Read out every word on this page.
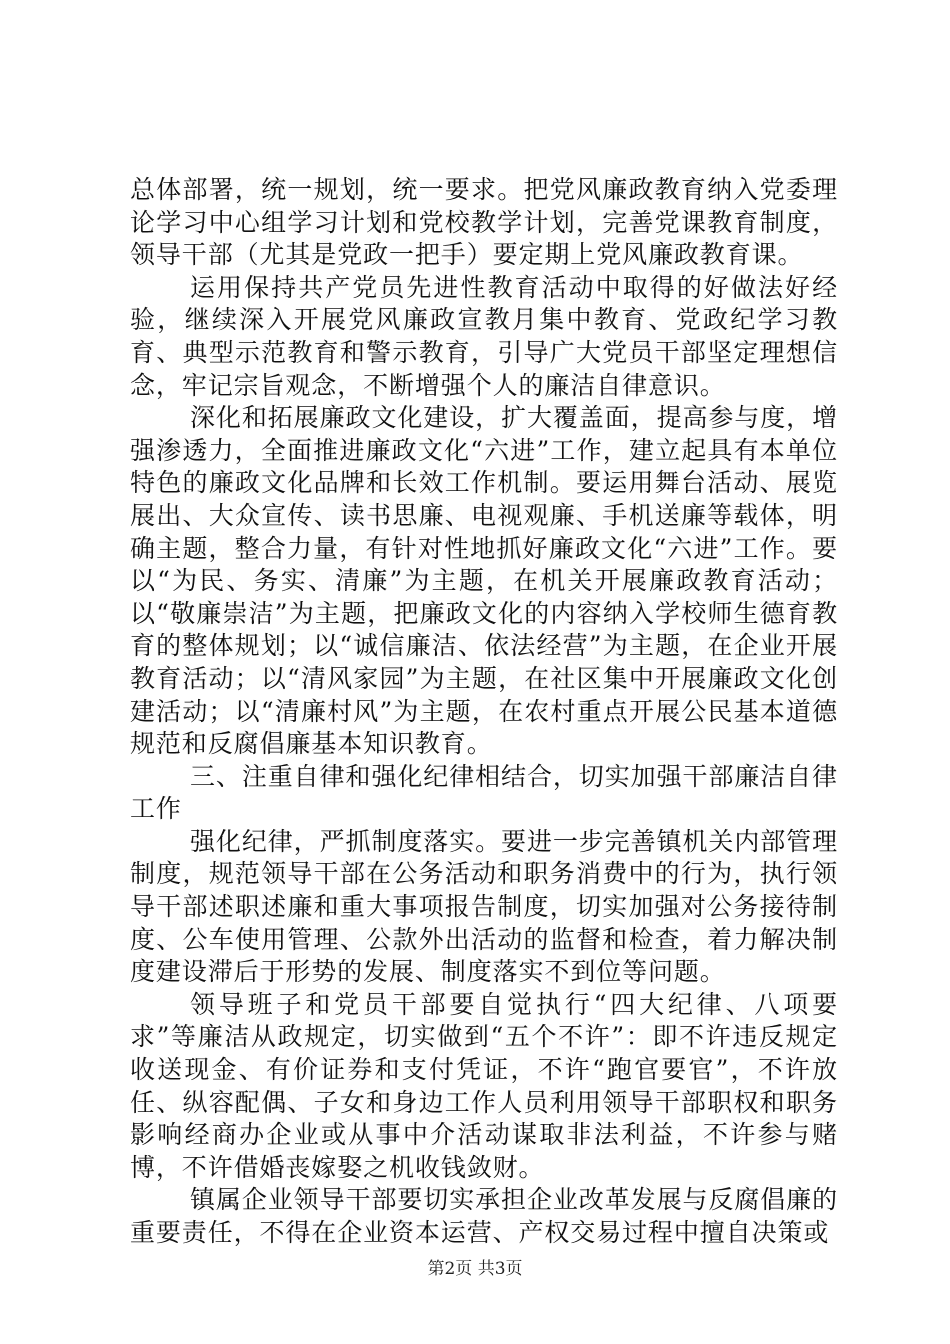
总体部署，统一规划，统一要求。把党风廉政教育纳入党委理论学习中心组学习计划和党校教学计划，完善党课教育制度，领导干部（尤其是党政一把手）要定期上党风廉政教育课。

运用保持共产党员先进性教育活动中取得的好做法好经验，继续深入开展党风廉政宣教月集中教育、党政纪学习教育、典型示范教育和警示教育，引导广大党员干部坚定理想信念，牢记宗旨观念，不断增强个人的廉洁自律意识。

深化和拓展廉政文化建设，扩大覆盖面，提高参与度，增强渗透力，全面推进廉政文化“六进”工作，建立起具有本单位特色的廉政文化品牌和长效工作机制。要运用舞台活动、展览展出、大众宣传、读书思廉、电视观廉、手机送廉等载体，明确主题，整合力量，有针对性地抓好廉政文化“六进”工作。要以“为民、务实、清廉”为主题，在机关开展廉政教育活动；以“敬廉崇洁”为主题，把廉政文化的内容纳入学校师生德育教育的整体规划；以“诚信廉洁、依法经营”为主题，在企业开展教育活动；以“清风家园”为主题，在社区集中开展廉政文化创建活动；以“清廉村风”为主题，在农村重点开展公民基本道德规范和反腐倡廉基本知识教育。

三、注重自律和强化纪律相结合，切实加强干部廉洁自律工作

强化纪律，严抓制度落实。要进一步完善镇机关内部管理制度，规范领导干部在公务活动和职务消费中的行为，执行领导干部述职述廉和重大事项报告制度，切实加强对公务接待制度、公车使用管理、公款外出活动的监督和检查，着力解决制度建设滞后于形势的发展、制度落实不到位等问题。

领导班子和党员干部要自觉执行“四大纪律、八项要求”等廉洁从政规定，切实做到“五个不许”：即不许违反规定收送现金、有价证券和支付凭证，不许“跑官要官”，不许放任、纵容配偶、子女和身边工作人员利用领导干部职权和职务影响经商办企业或从事中介活动谋取非法利益，不许参与赌博，不许借婚丧嫁娶之机收钱敛财。

镇属企业领导干部要切实承担企业改革发展与反腐倡廉的重要责任，不得在企业资本运营、产权交易过程中擅自决策或

第2页 共3页
